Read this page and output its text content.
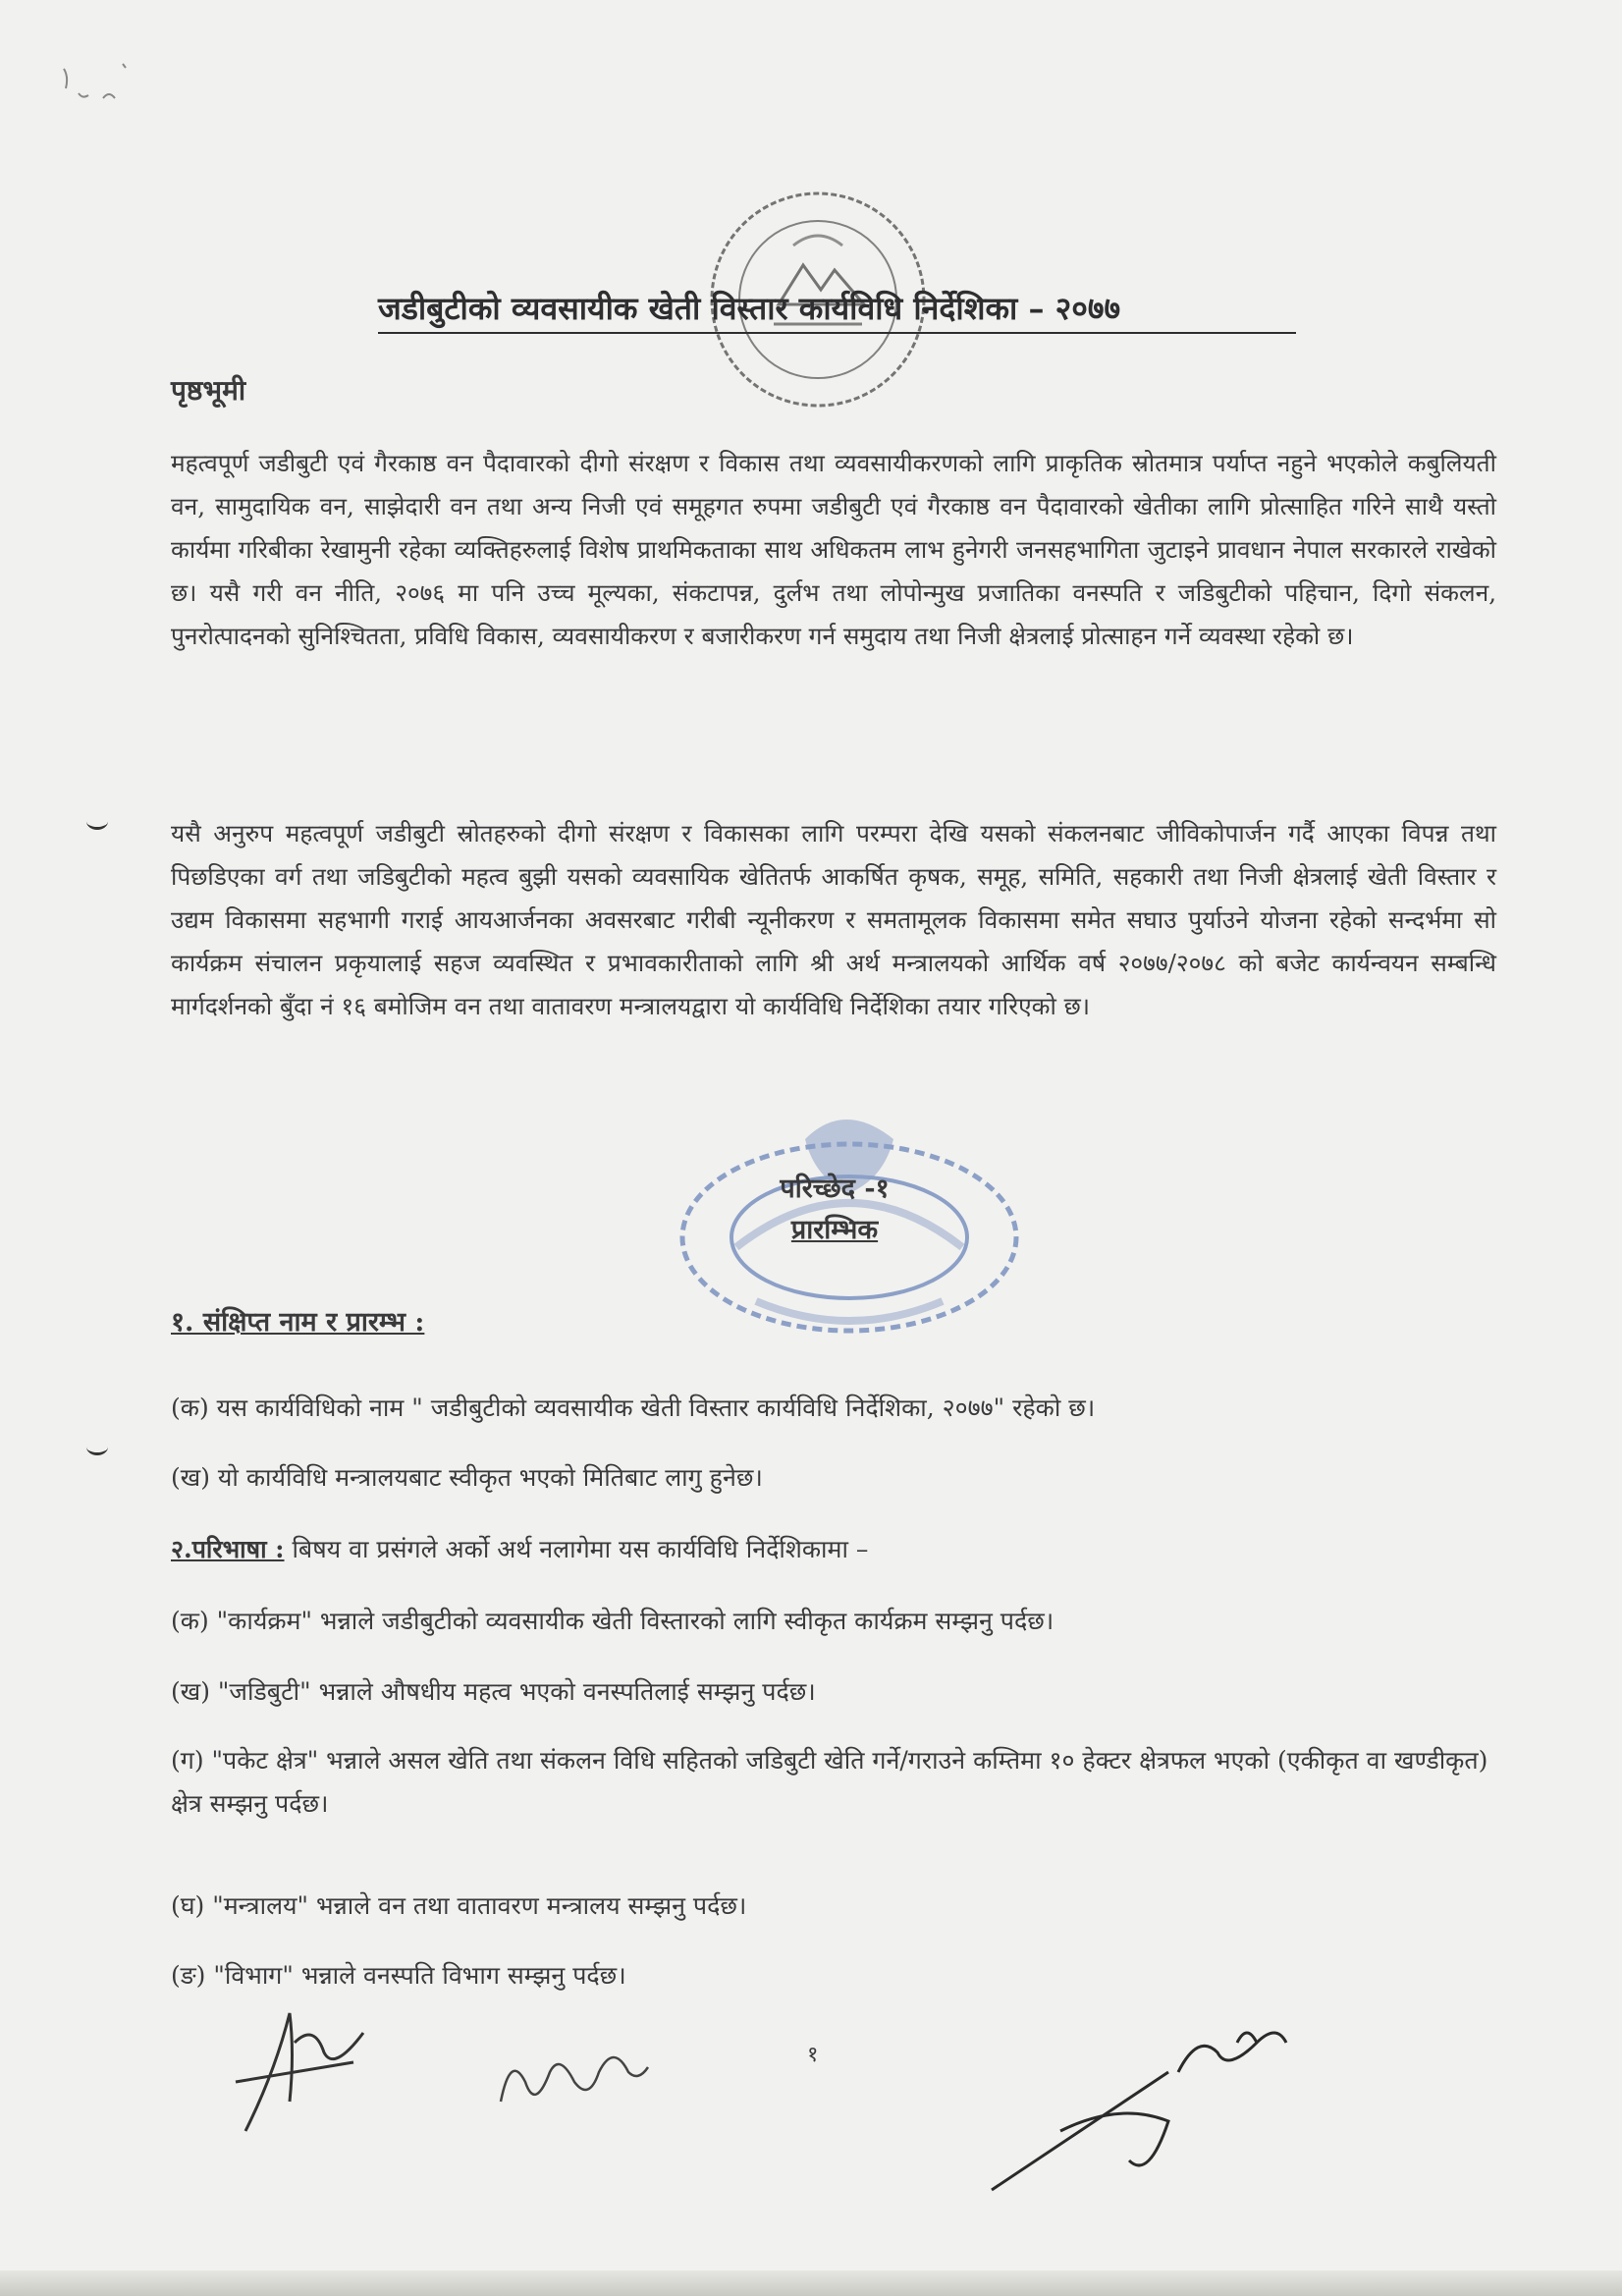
जडीबुटीको व्यवसायीक खेती विस्तार कार्यविधि निर्देशिका – २०७७
पृष्ठभूमी

महत्वपूर्ण जडीबुटी एवं गैरकाष्ठ वन पैदावारको दीगो संरक्षण र विकास तथा व्यवसायीकरणको लागि प्राकृतिक स्रोतमात्र पर्याप्त नहुने भएकोले कबुलियती वन, सामुदायिक वन, साझेदारी वन तथा अन्य निजी एवं समूहगत रुपमा जडीबुटी एवं गैरकाष्ठ वन पैदावारको खेतीका लागि प्रोत्साहित गरिने साथै यस्तो कार्यमा गरिबीका रेखामुनी रहेका व्यक्तिहरुलाई विशेष प्राथमिकताका साथ अधिकतम लाभ हुनेगरी जनसहभागिता जुटाइने प्रावधान नेपाल सरकारले राखेको छ। यसै गरी वन नीति, २०७६ मा पनि उच्च मूल्यका, संकटापन्न, दुर्लभ तथा लोपोन्मुख प्रजातिका वनस्पति र जडिबुटीको पहिचान, दिगो संकलन, पुनरोत्पादनको सुनिश्चितता, प्रविधि विकास, व्यवसायीकरण र बजारीकरण गर्न समुदाय तथा निजी क्षेत्रलाई प्रोत्साहन गर्ने व्यवस्था रहेको छ।

यसै अनुरुप महत्वपूर्ण जडीबुटी स्रोतहरुको दीगो संरक्षण र विकासका लागि परम्परा देखि यसको संकलनबाट जीविकोपार्जन गर्दै आएका विपन्न तथा पिछडिएका वर्ग तथा जडिबुटीको महत्व बुझी यसको व्यवसायिक खेतितर्फ आकर्षित कृषक, समूह, समिति, सहकारी तथा निजी क्षेत्रलाई खेती विस्तार र उद्यम विकासमा सहभागी गराई आयआर्जनका अवसरबाट गरीबी न्यूनीकरण र समतामूलक विकासमा समेत सघाउ पुर्याउने योजना रहेको सन्दर्भमा सो कार्यक्रम संचालन प्रकृयालाई सहज व्यवस्थित र प्रभावकारीताको लागि श्री अर्थ मन्त्रालयको आर्थिक वर्ष २०७७/२०७८ को बजेट कार्यन्वयन सम्बन्धि मार्गदर्शनको बुँदा नं १६ बमोजिम वन तथा वातावरण मन्त्रालयद्वारा यो कार्यविधि निर्देशिका तयार गरिएको छ।

परिच्छेद -१
प्रारम्भिक

१. संक्षिप्त नाम र प्रारम्भ :

(क) यस कार्यविधिको नाम " जडीबुटीको व्यवसायीक खेती विस्तार कार्यविधि निर्देशिका, २०७७" रहेको छ।

(ख) यो कार्यविधि मन्त्रालयबाट स्वीकृत भएको मितिबाट लागु हुनेछ।

२.परिभाषा : बिषय वा प्रसंगले अर्को अर्थ नलागेमा यस कार्यविधि निर्देशिकामा –

(क) "कार्यक्रम" भन्नाले जडीबुटीको व्यवसायीक खेती विस्तारको लागि स्वीकृत कार्यक्रम सम्झनु पर्दछ।

(ख) "जडिबुटी" भन्नाले औषधीय महत्व भएको वनस्पतिलाई सम्झनु पर्दछ।

(ग) "पकेट क्षेत्र" भन्नाले असल खेति तथा संकलन विधि सहितको जडिबुटी खेति गर्ने/गराउने कम्तिमा १० हेक्टर क्षेत्रफल भएको (एकीकृत वा खण्डीकृत) क्षेत्र सम्झनु पर्दछ।

(घ) "मन्त्रालय" भन्नाले वन तथा वातावरण मन्त्रालय सम्झनु पर्दछ।

(ङ) "विभाग" भन्नाले वनस्पति विभाग सम्झनु पर्दछ।

१
